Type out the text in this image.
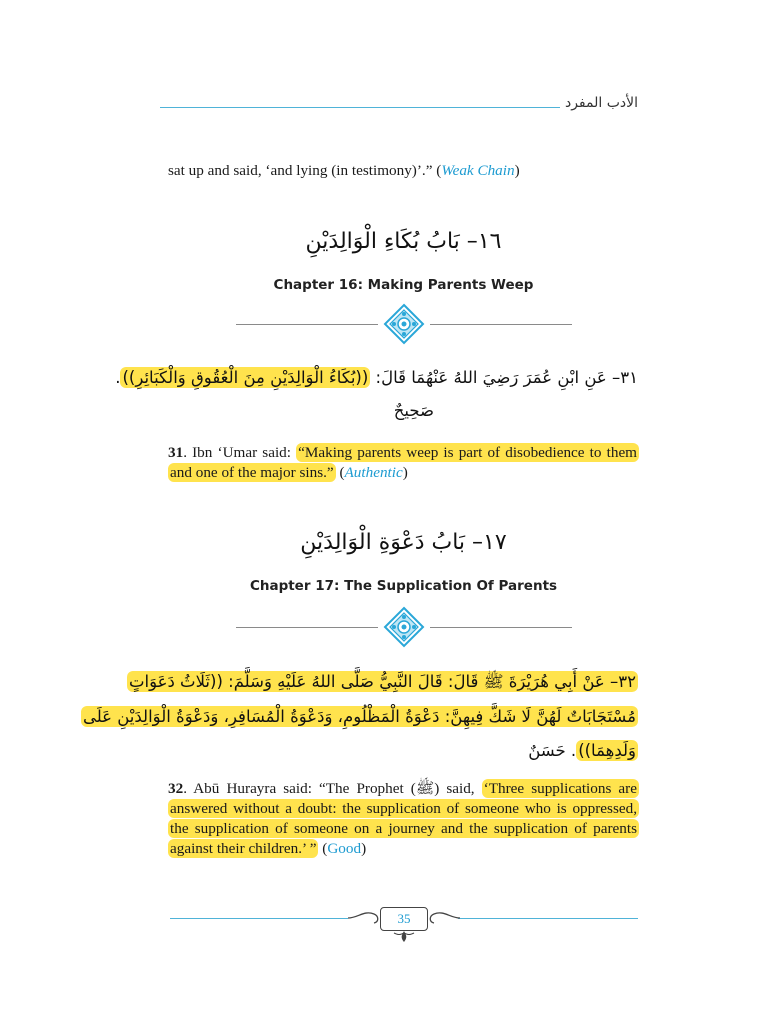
الأدب المفرد
sat up and said, ‘and lying (in testimony)’.” (Weak Chain)
١٦– بَابُ بُكَاءِ الْوَالِدَيْنِ
Chapter 16: Making Parents Weep
٣١– عَنِ ابْنِ عُمَرَ رَضِيَ اللهُ عَنْهُمَا قَالَ: ((بُكَاءُ الْوَالِدَيْنِ مِنَ الْعُقُوقِ وَالْكَبَائِرِ)).
صَحِيحٌ
31. Ibn ‘Umar said: “Making parents weep is part of disobedience to them and one of the major sins.” (Authentic)
١٧– بَابُ دَعْوَةِ الْوَالِدَيْنِ
Chapter 17: The Supplication Of Parents
٣٢– عَنْ أَبِي هُرَيْرَةَ ﷺ قَالَ: قَالَ النَّبِيُّ صَلَّى اللهُ عَلَيْهِ وَسَلَّمَ: ((ثَلَاثُ دَعَوَاتٍ
مُسْتَجَابَاتٌ لَهُنَّ لَا شَكَّ فِيهِنَّ: دَعْوَةُ الْمَظْلُومِ، وَدَعْوَةُ الْمُسَافِرِ، وَدَعْوَةُ الْوَالِدَيْنِ عَلَى
وَلَدِهِمَا)). حَسَنٌ
32. Abū Hurayra said: “The Prophet (ﷺ) said, ‘Three supplications are answered without a doubt: the supplication of someone who is oppressed, the supplication of someone on a journey and the supplication of parents against their children.’ ” (Good)
35
